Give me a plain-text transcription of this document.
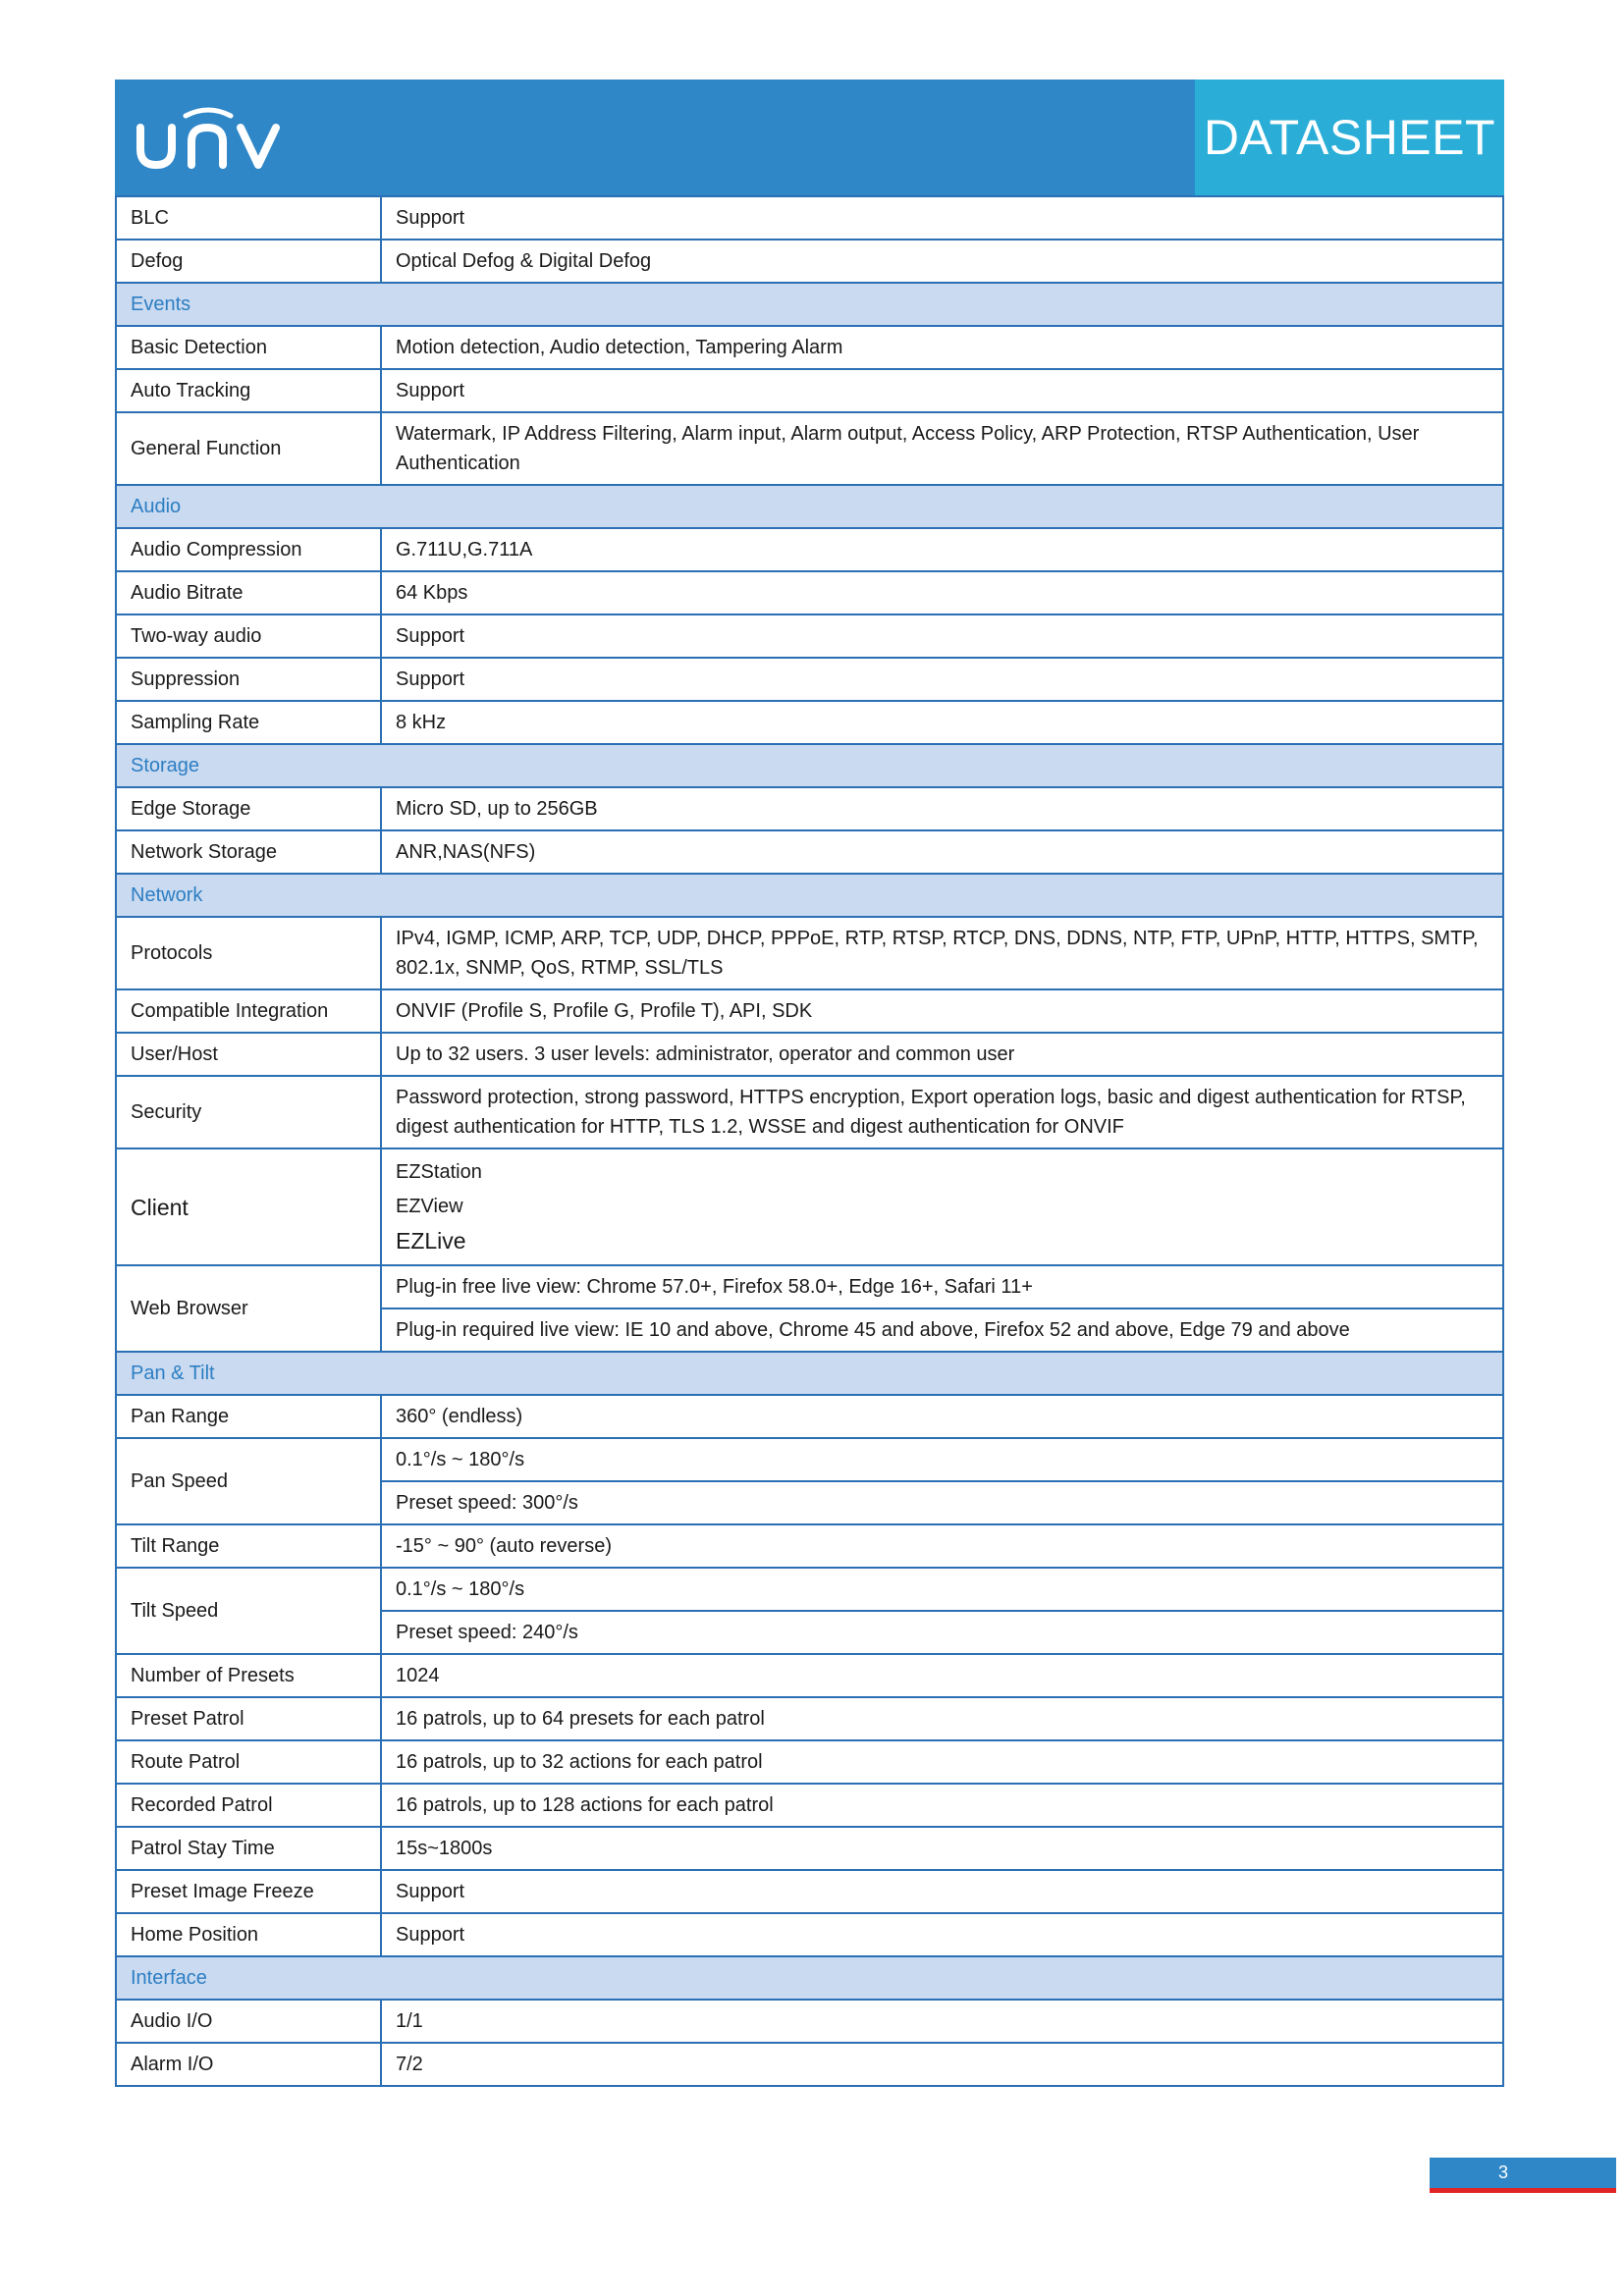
DATASHEET
BLC	Support
Defog	Optical Defog & Digital Defog
Events	
Basic Detection	Motion detection, Audio detection, Tampering Alarm
Auto Tracking	Support
General Function	Watermark, IP Address Filtering, Alarm input, Alarm output, Access Policy, ARP Protection, RTSP Authentication, User Authentication
Audio	
Audio Compression	G.711U,G.711A
Audio Bitrate	64 Kbps
Two-way audio	Support
Suppression	Support
Sampling Rate	8 kHz
Storage	
Edge Storage	Micro SD, up to 256GB
Network Storage	ANR,NAS(NFS)
Network	
Protocols	IPv4, IGMP, ICMP, ARP, TCP, UDP, DHCP, PPPoE, RTP, RTSP, RTCP, DNS, DDNS, NTP, FTP, UPnP, HTTP, HTTPS, SMTP, 802.1x, SNMP, QoS, RTMP, SSL/TLS
Compatible Integration	ONVIF (Profile S, Profile G, Profile T), API, SDK
User/Host	Up to 32 users. 3 user levels: administrator, operator and common user
Security	Password protection, strong password, HTTPS encryption, Export operation logs, basic and digest authentication for RTSP, digest authentication for HTTP, TLS 1.2, WSSE and digest authentication for ONVIF
Client	EZStation
EZView
EZLive

Web Browser	Plug-in free live view: Chrome 57.0+, Firefox 58.0+, Edge 16+, Safari 11+
	Plug-in required live view: IE 10 and above, Chrome 45 and above, Firefox 52 and above, Edge 79 and above
Pan & Tilt	
Pan Range	360° (endless)
Pan Speed	0.1°/s ~ 180°/s
	Preset speed: 300°/s
Tilt Range	-15° ~ 90° (auto reverse)
Tilt Speed	0.1°/s ~ 180°/s
	Preset speed: 240°/s
Number of Presets	1024
Preset Patrol	16 patrols, up to 64 presets for each patrol
Route Patrol	16 patrols, up to 32 actions for each patrol
Recorded Patrol	16 patrols, up to 128 actions for each patrol
Patrol Stay Time	15s~1800s
Preset Image Freeze	Support
Home Position	Support
Interface	
Audio I/O	1/1
Alarm I/O	7/2
3
